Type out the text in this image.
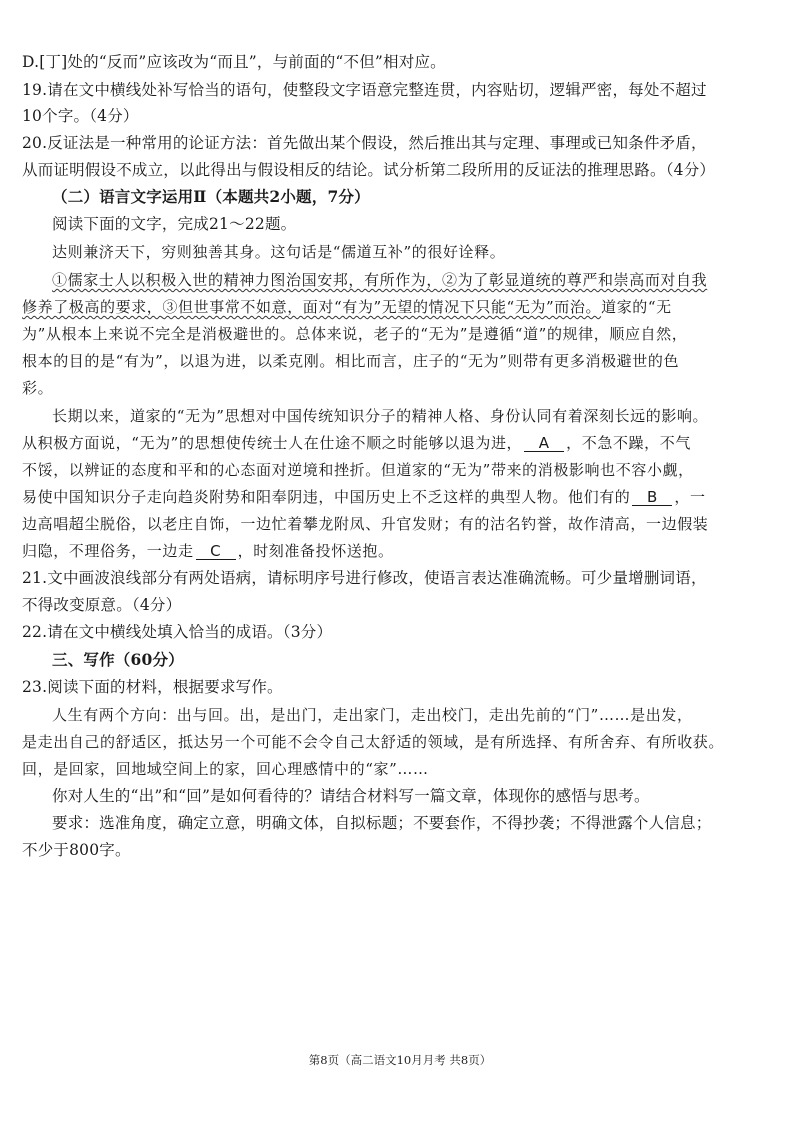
D.[丁]处的“反而”应该改为“而且”，与前面的“不但”相对应。
19.请在文中横线处补写恰当的语句，使整段文字语意完整连贯，内容贴切，逻辑严密，每处不超过
10个字。（4分）
20.反证法是一种常用的论证方法：首先做出某个假设，然后推出其与定理、事理或已知条件矛盾，
从而证明假设不成立，以此得出与假设相反的结论。试分析第二段所用的反证法的推理思路。（4分）
（二）语言文字运用Ⅱ（本题共2小题，7分）
阅读下面的文字，完成21～22题。
达则兼济天下，穷则独善其身。这句话是“儒道互补”的很好诠释。
①儒家士人以积极入世的精神力图治国安邦，有所作为，②为了彰显道统的尊严和崇高而对自我
修养了极高的要求，③但世事常不如意，面对“有为”无望的情况下只能“无为”而治。道家的“无
为”从根本上来说不完全是消极避世的。总体来说，老子的“无为”是遵循“道”的规律，顺应自然，
根本的目的是“有为”，以退为进，以柔克刚。相比而言，庄子的“无为”则带有更多消极避世的色
彩。
长期以来，道家的“无为”思想对中国传统知识分子的精神人格、身份认同有着深刻长远的影响。
从积极方面说，“无为”的思想使传统士人在仕途不顺之时能够以退为进， A ，不急不躁，不气
不馁，以辨证的态度和平和的心态面对逆境和挫折。但道家的“无为”带来的消极影响也不容小觑，
易使中国知识分子走向趋炎附势和阳奉阴违，中国历史上不乏这样的典型人物。他们有的 B ，一
边高唱超尘脱俗，以老庄自饰，一边忙着攀龙附凤、升官发财；有的沽名钓誉，故作清高，一边假装
归隐，不理俗务，一边走 C ，时刻准备投怀送抱。
21.文中画波浪线部分有两处语病，请标明序号进行修改，使语言表达准确流畅。可少量增删词语，
不得改变原意。（4分）
22.请在文中横线处填入恰当的成语。（3分）
三、写作（60分）
23.阅读下面的材料，根据要求写作。
人生有两个方向：出与回。出，是出门，走出家门，走出校门，走出先前的“门”……是出发，
是走出自己的舒适区，抵达另一个可能不会令自己太舒适的领域，是有所选择、有所舍弃、有所收获。
回，是回家，回地域空间上的家，回心理感情中的“家”……
你对人生的“出”和“回”是如何看待的？请结合材料写一篇文章，体现你的感悟与思考。
要求：选准角度，确定立意，明确文体，自拟标题；不要套作，不得抄袭；不得泄露个人信息；
不少于800字。
第8页（高二语文10月月考 共8页）
